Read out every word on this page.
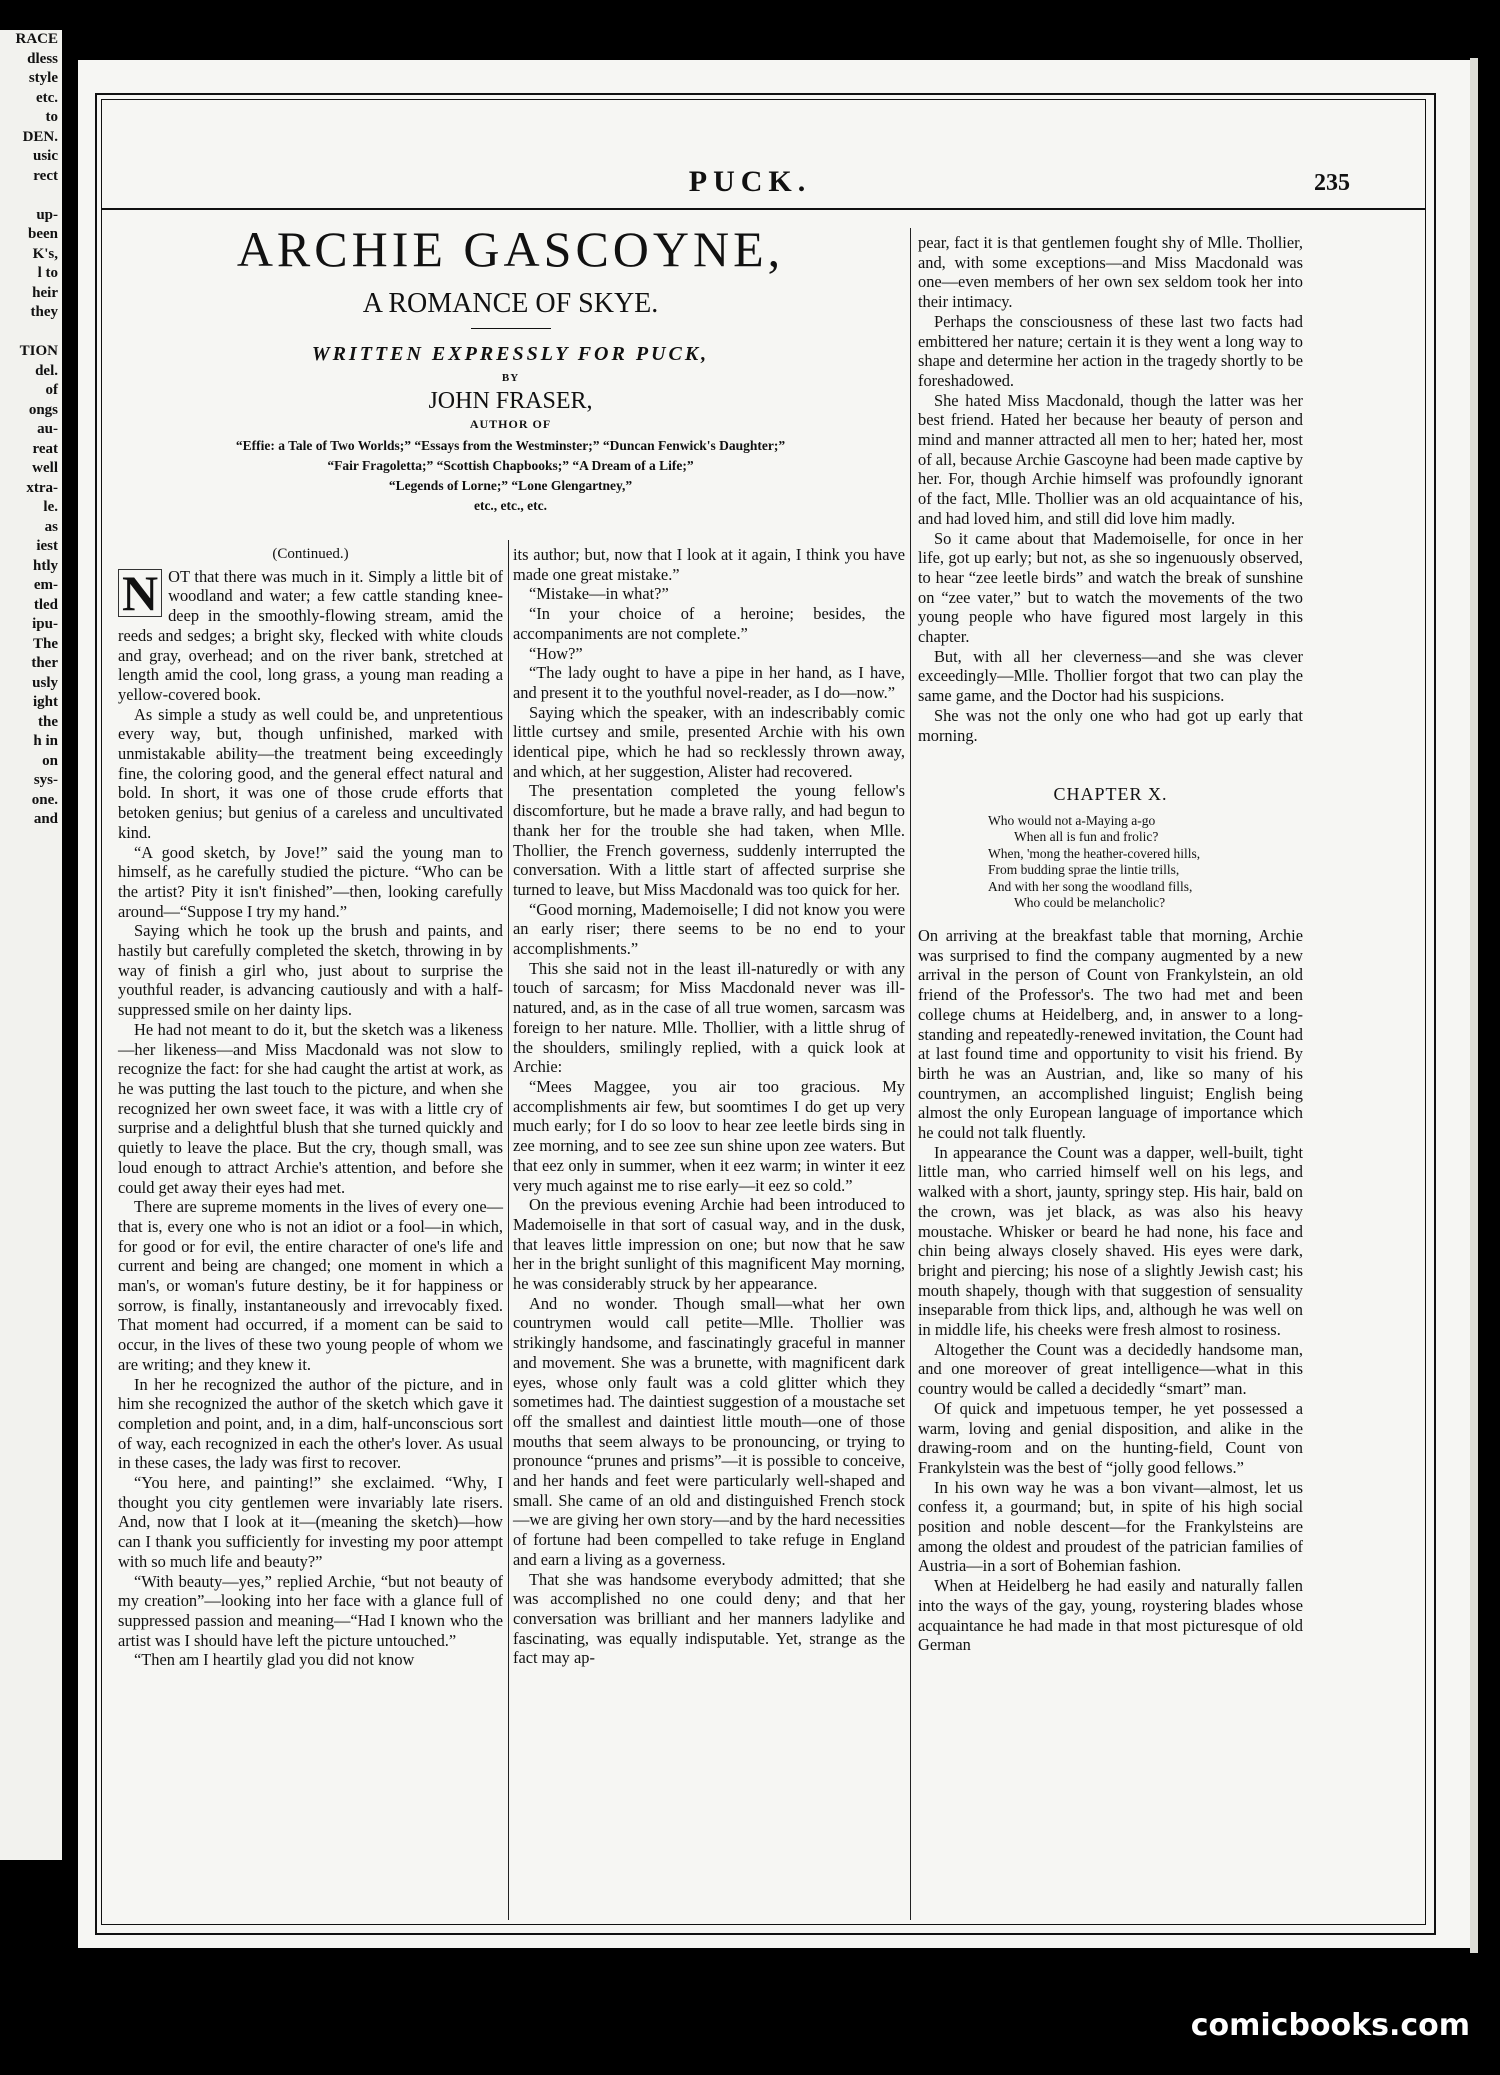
RACE
dless
style
etc.
to
DEN.
usic
rect

up-
been
K's,
l to
heir
they

TION
del.
of
ongs
au-
reat
well
xtra-
le.
as
iest
htly
em-
tled
ipu-
The
ther
usly
ight
the
h in
on
sys-
one.
and
PUCK.	235
ARCHIE GASCOYNE,
A ROMANCE OF SKYE.
WRITTEN EXPRESSLY FOR PUCK,
BY
JOHN FRASER,
AUTHOR OF
“Effie: a Tale of Two Worlds;” “Essays from the Westminster;” “Duncan Fenwick's Daughter;”
“Fair Fragoletta;” “Scottish Chapbooks;” “A Dream of a Life;”
“Legends of Lorne;” “Lone Glengartney,”
etc., etc., etc.

(Continued.)

N OT that there was much in it. Simply a little bit of woodland and water; a few cattle standing knee-deep in the smoothly-flowing stream, amid the reeds and sedges; a bright sky, flecked with white clouds and gray, overhead; and on the river bank, stretched at length amid the cool, long grass, a young man reading a yellow-covered book.

As simple a study as well could be, and unpretentious every way, but, though unfinished, marked with unmistakable ability—the treatment being exceedingly fine, the coloring good, and the general effect natural and bold. In short, it was one of those crude efforts that betoken genius; but genius of a careless and uncultivated kind.

“A good sketch, by Jove!” said the young man to himself, as he carefully studied the picture. “Who can be the artist? Pity it isn't finished”—then, looking carefully around—“Suppose I try my hand.”

Saying which he took up the brush and paints, and hastily but carefully completed the sketch, throwing in by way of finish a girl who, just about to surprise the youthful reader, is advancing cautiously and with a half-suppressed smile on her dainty lips.

He had not meant to do it, but the sketch was a likeness—her likeness—and Miss Macdonald was not slow to recognize the fact: for she had caught the artist at work, as he was putting the last touch to the picture, and when she recognized her own sweet face, it was with a little cry of surprise and a delightful blush that she turned quickly and quietly to leave the place. But the cry, though small, was loud enough to attract Archie's attention, and before she could get away their eyes had met.

There are supreme moments in the lives of every one—that is, every one who is not an idiot or a fool—in which, for good or for evil, the entire character of one's life and current and being are changed; one moment in which a man's, or woman's future destiny, be it for happiness or sorrow, is finally, instantaneously and irrevocably fixed. That moment had occurred, if a moment can be said to occur, in the lives of these two young people of whom we are writing; and they knew it.

In her he recognized the author of the picture, and in him she recognized the author of the sketch which gave it completion and point, and, in a dim, half-unconscious sort of way, each recognized in each the other's lover. As usual in these cases, the lady was first to recover.

“You here, and painting!” she exclaimed. “Why, I thought you city gentlemen were invariably late risers. And, now that I look at it—(meaning the sketch)—how can I thank you sufficiently for investing my poor attempt with so much life and beauty?”

“With beauty—yes,” replied Archie, “but not beauty of my creation”—looking into her face with a glance full of suppressed passion and meaning—“Had I known who the artist was I should have left the picture untouched.”

“Then am I heartily glad you did not know

its author; but, now that I look at it again, I think you have made one great mistake.”

“Mistake—in what?”

“In your choice of a heroine; besides, the accompaniments are not complete.”

“How?”

“The lady ought to have a pipe in her hand, as I have, and present it to the youthful novel-reader, as I do—now.”

Saying which the speaker, with an indescribably comic little curtsey and smile, presented Archie with his own identical pipe, which he had so recklessly thrown away, and which, at her suggestion, Alister had recovered.

The presentation completed the young fellow's discomforture, but he made a brave rally, and had begun to thank her for the trouble she had taken, when Mlle. Thollier, the French governess, suddenly interrupted the conversation. With a little start of affected surprise she turned to leave, but Miss Macdonald was too quick for her.

“Good morning, Mademoiselle; I did not know you were an early riser; there seems to be no end to your accomplishments.”

This she said not in the least ill-naturedly or with any touch of sarcasm; for Miss Macdonald never was ill-natured, and, as in the case of all true women, sarcasm was foreign to her nature. Mlle. Thollier, with a little shrug of the shoulders, smilingly replied, with a quick look at Archie:

“Mees Maggee, you air too gracious. My accomplishments air few, but soomtimes I do get up very much early; for I do so loov to hear zee leetle birds sing in zee morning, and to see zee sun shine upon zee waters. But that eez only in summer, when it eez warm; in winter it eez very much against me to rise early—it eez so cold.”

On the previous evening Archie had been introduced to Mademoiselle in that sort of casual way, and in the dusk, that leaves little impression on one; but now that he saw her in the bright sunlight of this magnificent May morning, he was considerably struck by her appearance.

And no wonder. Though small—what her own countrymen would call petite—Mlle. Thollier was strikingly handsome, and fascinatingly graceful in manner and movement. She was a brunette, with magnificent dark eyes, whose only fault was a cold glitter which they sometimes had. The daintiest suggestion of a moustache set off the smallest and daintiest little mouth—one of those mouths that seem always to be pronouncing, or trying to pronounce “prunes and prisms”—it is possible to conceive, and her hands and feet were particularly well-shaped and small. She came of an old and distinguished French stock—we are giving her own story—and by the hard necessities of fortune had been compelled to take refuge in England and earn a living as a governess.

That she was handsome everybody admitted; that she was accomplished no one could deny; and that her conversation was brilliant and her manners ladylike and fascinating, was equally indisputable. Yet, strange as the fact may ap-

pear, fact it is that gentlemen fought shy of Mlle. Thollier, and, with some exceptions—and Miss Macdonald was one—even members of her own sex seldom took her into their intimacy.

Perhaps the consciousness of these last two facts had embittered her nature; certain it is they went a long way to shape and determine her action in the tragedy shortly to be foreshadowed.

She hated Miss Macdonald, though the latter was her best friend. Hated her because her beauty of person and mind and manner attracted all men to her; hated her, most of all, because Archie Gascoyne had been made captive by her. For, though Archie himself was profoundly ignorant of the fact, Mlle. Thollier was an old acquaintance of his, and had loved him, and still did love him madly.

So it came about that Mademoiselle, for once in her life, got up early; but not, as she so ingenuously observed, to hear “zee leetle birds” and watch the break of sunshine on “zee vater,” but to watch the movements of the two young people who have figured most largely in this chapter.

But, with all her cleverness—and she was clever exceedingly—Mlle. Thollier forgot that two can play the same game, and the Doctor had his suspicions.

She was not the only one who had got up early that morning.

CHAPTER X.
Who would not a-Maying a-go
When all is fun and frolic?
When, 'mong the heather-covered hills,
From budding sprae the lintie trills,
And with her song the woodland fills,
Who could be melancholic?

On arriving at the breakfast table that morning, Archie was surprised to find the company augmented by a new arrival in the person of Count von Frankylstein, an old friend of the Professor's. The two had met and been college chums at Heidelberg, and, in answer to a long-standing and repeatedly-renewed invitation, the Count had at last found time and opportunity to visit his friend. By birth he was an Austrian, and, like so many of his countrymen, an accomplished linguist; English being almost the only European language of importance which he could not talk fluently.

In appearance the Count was a dapper, well-built, tight little man, who carried himself well on his legs, and walked with a short, jaunty, springy step. His hair, bald on the crown, was jet black, as was also his heavy moustache. Whisker or beard he had none, his face and chin being always closely shaved. His eyes were dark, bright and piercing; his nose of a slightly Jewish cast; his mouth shapely, though with that suggestion of sensuality inseparable from thick lips, and, although he was well on in middle life, his cheeks were fresh almost to rosiness.

Altogether the Count was a decidedly handsome man, and one moreover of great intelligence—what in this country would be called a decidedly “smart” man.

Of quick and impetuous temper, he yet possessed a warm, loving and genial disposition, and alike in the drawing-room and on the hunting-field, Count von Frankylstein was the best of “jolly good fellows.”

In his own way he was a bon vivant—almost, let us confess it, a gourmand; but, in spite of his high social position and noble descent—for the Frankylsteins are among the oldest and proudest of the patrician families of Austria—in a sort of Bohemian fashion.

When at Heidelberg he had easily and naturally fallen into the ways of the gay, young, roystering blades whose acquaintance he had made in that most picturesque of old German

comicbooks.com
